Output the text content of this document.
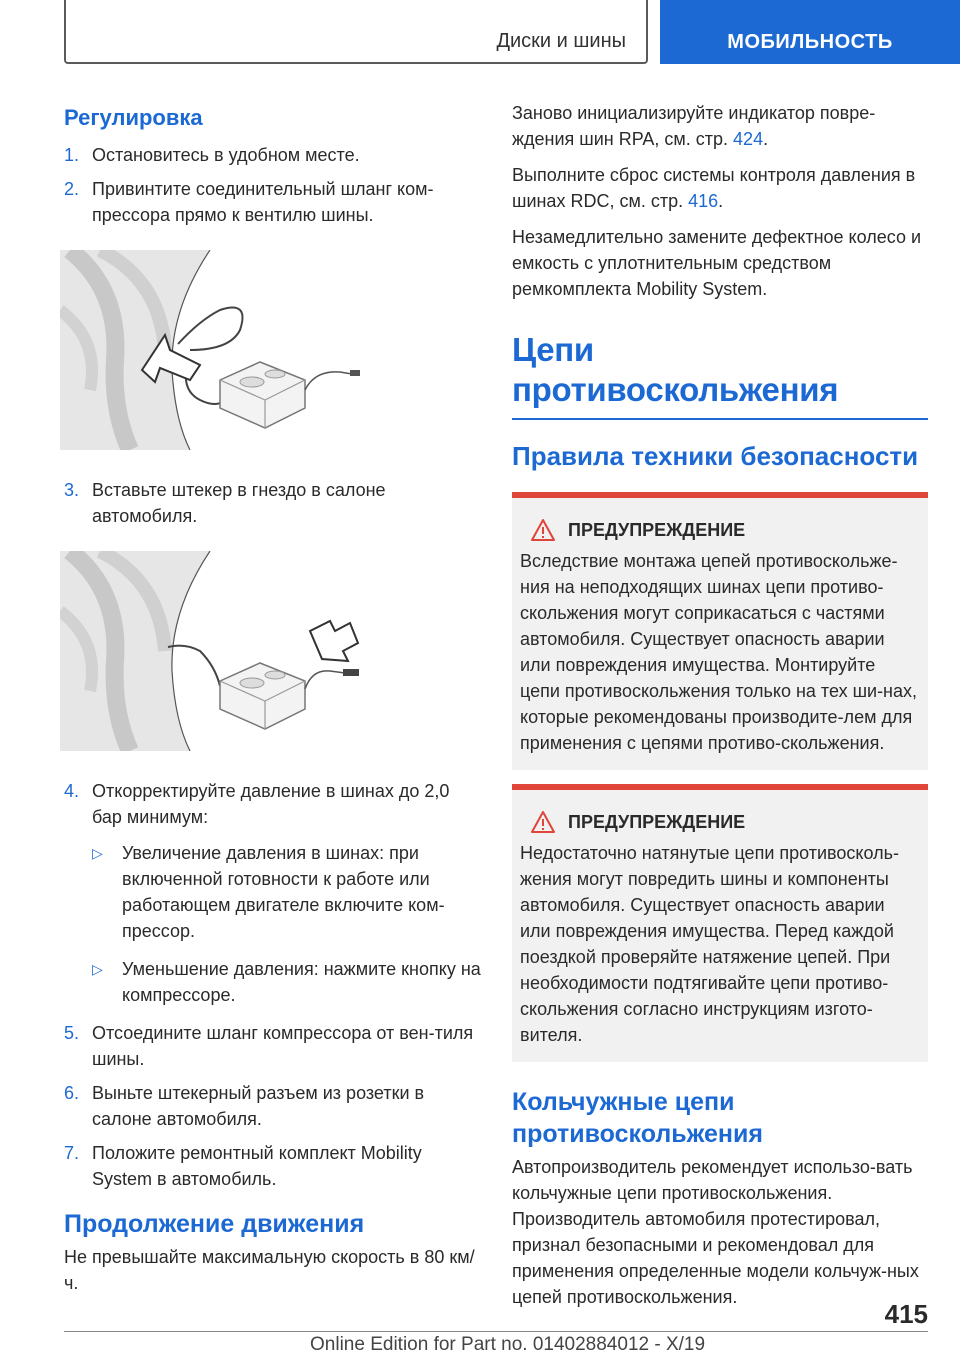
Диски и шины	МОБИЛЬНОСТЬ
Регулировка
1. Остановитесь в удобном месте.
2. Привинтите соединительный шланг ком-прессора прямо к вентилю шины.
3. Вставьте штекер в гнездо в салоне автомобиля.
4. Откорректируйте давление в шинах до 2,0 бар минимум:
▷	Увеличение давления в шинах: при включенной готовности к работе или работающем двигателе включите ком-прессор.
▷	Уменьшение давления: нажмите кнопку на компрессоре.
5. Отсоедините шланг компрессора от вен-тиля шины.
6. Выньте штекерный разъем из розетки в салоне автомобиля.
7. Положите ремонтный комплект Mobility System в автомобиль.
Продолжение движения
Не превышайте максимальную скорость в 80 км/ч.
Заново инициализируйте индикатор повре-ждения шин RPA, см. стр. 424.
Выполните сброс системы контроля давления в шинах RDC, см. стр. 416.
Незамедлительно замените дефектное колесо и емкость с уплотнительным средством ремкомплекта Mobility System.
Цепи противоскольжения
Правила техники безопасности
ПРЕДУПРЕЖДЕНИЕ
Вследствие монтажа цепей противоскольже-ния на неподходящих шинах цепи противо-скольжения могут соприкасаться с частями автомобиля. Существует опасность аварии или повреждения имущества. Монтируйте цепи противоскольжения только на тех ши-нах, которые рекомендованы производите-лем для применения с цепями противо-скольжения.
ПРЕДУПРЕЖДЕНИЕ
Недостаточно натянутые цепи противосколь-жения могут повредить шины и компоненты автомобиля. Существует опасность аварии или повреждения имущества. Перед каждой поездкой проверяйте натяжение цепей. При необходимости подтягивайте цепи противо-скольжения согласно инструкциям изгото-вителя.
Кольчужные цепи противоскольжения
Автопроизводитель рекомендует использо-вать кольчужные цепи противоскольжения. Производитель автомобиля протестировал, признал безопасными и рекомендовал для применения определенные модели кольчуж-ных цепей противоскольжения.
415
Online Edition for Part no. 01402884012 - X/19
